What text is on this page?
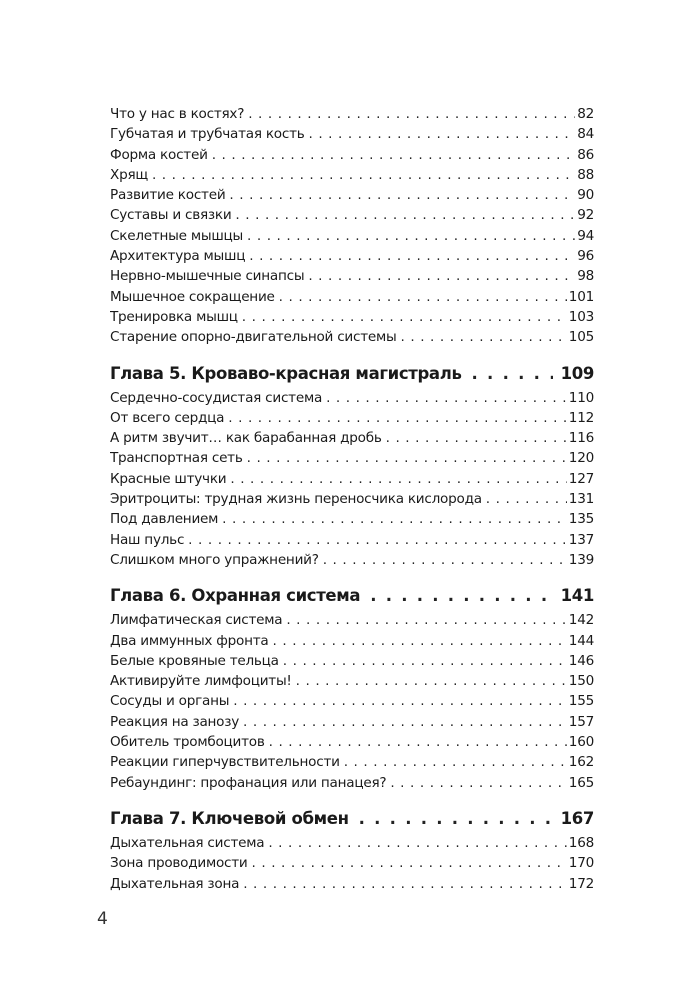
Что у нас в костях? . . .	82
Губчатая и трубчатая кость . . .	84
Форма костей . . .	86
Хрящ . . .	88
Развитие костей . . .	90
Суставы и связки . . .	92
Скелетные мышцы . . .	94
Архитектура мышц . . .	96
Нервно-мышечные синапсы . . .	98
Мышечное сокращение . . .	101
Тренировка мышц . . .	103
Старение опорно-двигательной системы . . .	105
Глава 5. Кроваво-красная магистраль . . .	109
Сердечно-сосудистая система . . .	110
От всего сердца . . .	112
А ритм звучит… как барабанная дробь . . .	116
Транспортная сеть . . .	120
Красные штучки . . .	127
Эритроциты: трудная жизнь переносчика кислорода . . .	131
Под давлением . . .	135
Наш пульс . . .	137
Слишком много упражнений? . . .	139
Глава 6. Охранная система . . .	141
Лимфатическая система . . .	142
Два иммунных фронта . . .	144
Белые кровяные тельца . . .	146
Активируйте лимфоциты! . . .	150
Сосуды и органы . . .	155
Реакция на занозу . . .	157
Обитель тромбоцитов . . .	160
Реакции гиперчувствительности . . .	162
Ребаундинг: профанация или панацея? . . .	165
Глава 7. Ключевой обмен . . .	167
Дыхательная система . . .	168
Зона проводимости . . .	170
Дыхательная зона . . .	172
4
